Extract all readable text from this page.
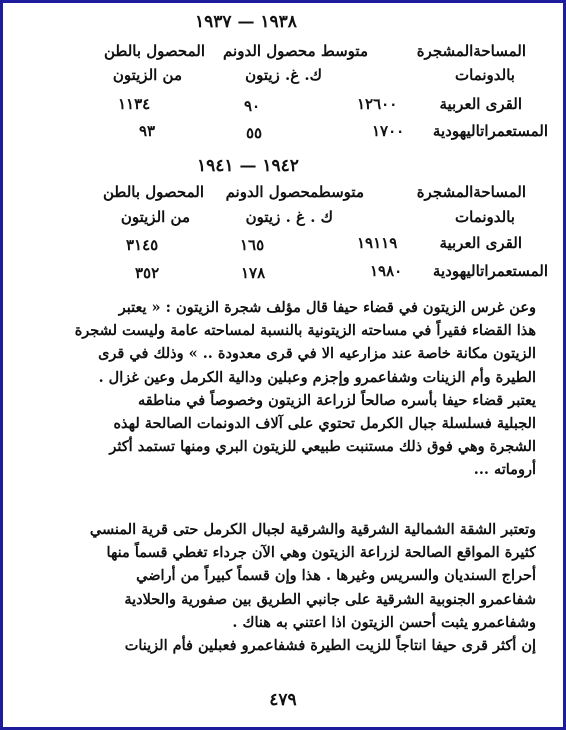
١٩٣٨ — ١٩٣٧
المساحةالمشجرة
بالدونمات
متوسط محصول الدونم
ك. غ. زيتون
المحصول بالطن
من الزيتون
القرى العربية
١٢٦٠٠
٩٠
١١٣٤
المستعمراتاليهودية
١٧٠٠
٥٥
٩٣
١٩٤٢ — ١٩٤١
المساحةالمشجرة
بالدونمات
متوسطمحصول الدونم
ك . غ . زيتون
المحصول بالطن
من الزيتون
القرى العربية
١٩١١٩
١٦٥
٣١٤٥
المستعمراتاليهودية
١٩٨٠
١٧٨
٣٥٢
وعن غرس الزيتون في قضاء حيفا قال مؤلف شجرة الزيتون : « يعتبر
هذا القضاء فقيراً في مساحته الزيتونية بالنسبة لمساحته عامة وليست لشجرة
الزيتون مكانة خاصة عند مزارعيه الا في قرى معدودة .. » وذلك في قرى
الطيرة وأم الزينات وشفاعمرو وإجزم وعبلين ودالية الكرمل وعين غزال .
يعتبر قضاء حيفا بأسره صالحاً لزراعة الزيتون وخصوصاً في مناطقه
الجبلية فسلسلة جبال الكرمل تحتوي على آلاف الدونمات الصالحة لهذه
الشجرة وهي فوق ذلك مستنبت طبيعي للزيتون البري ومنها تستمد أكثر
أروماته ...
وتعتبر الشقة الشمالية الشرقية والشرقية لجبال الكرمل حتى قرية المنسي
كثيرة المواقع الصالحة لزراعة الزيتون وهي الآن جرداء تغطي قسماً منها
أحراج السنديان والسريس وغيرها . هذا وإن قسماً كبيراً من أراضي
شفاعمرو الجنوبية الشرقية على جانبي الطريق بين صفورية والحلادية
وشفاعمرو يثبت أحسن الزيتون اذا اعتني به هناك .
إن أكثر قرى حيفا انتاجاً للزيت الطيرة فشفاعمرو فعبلين فأم الزينات
٤٧٩
